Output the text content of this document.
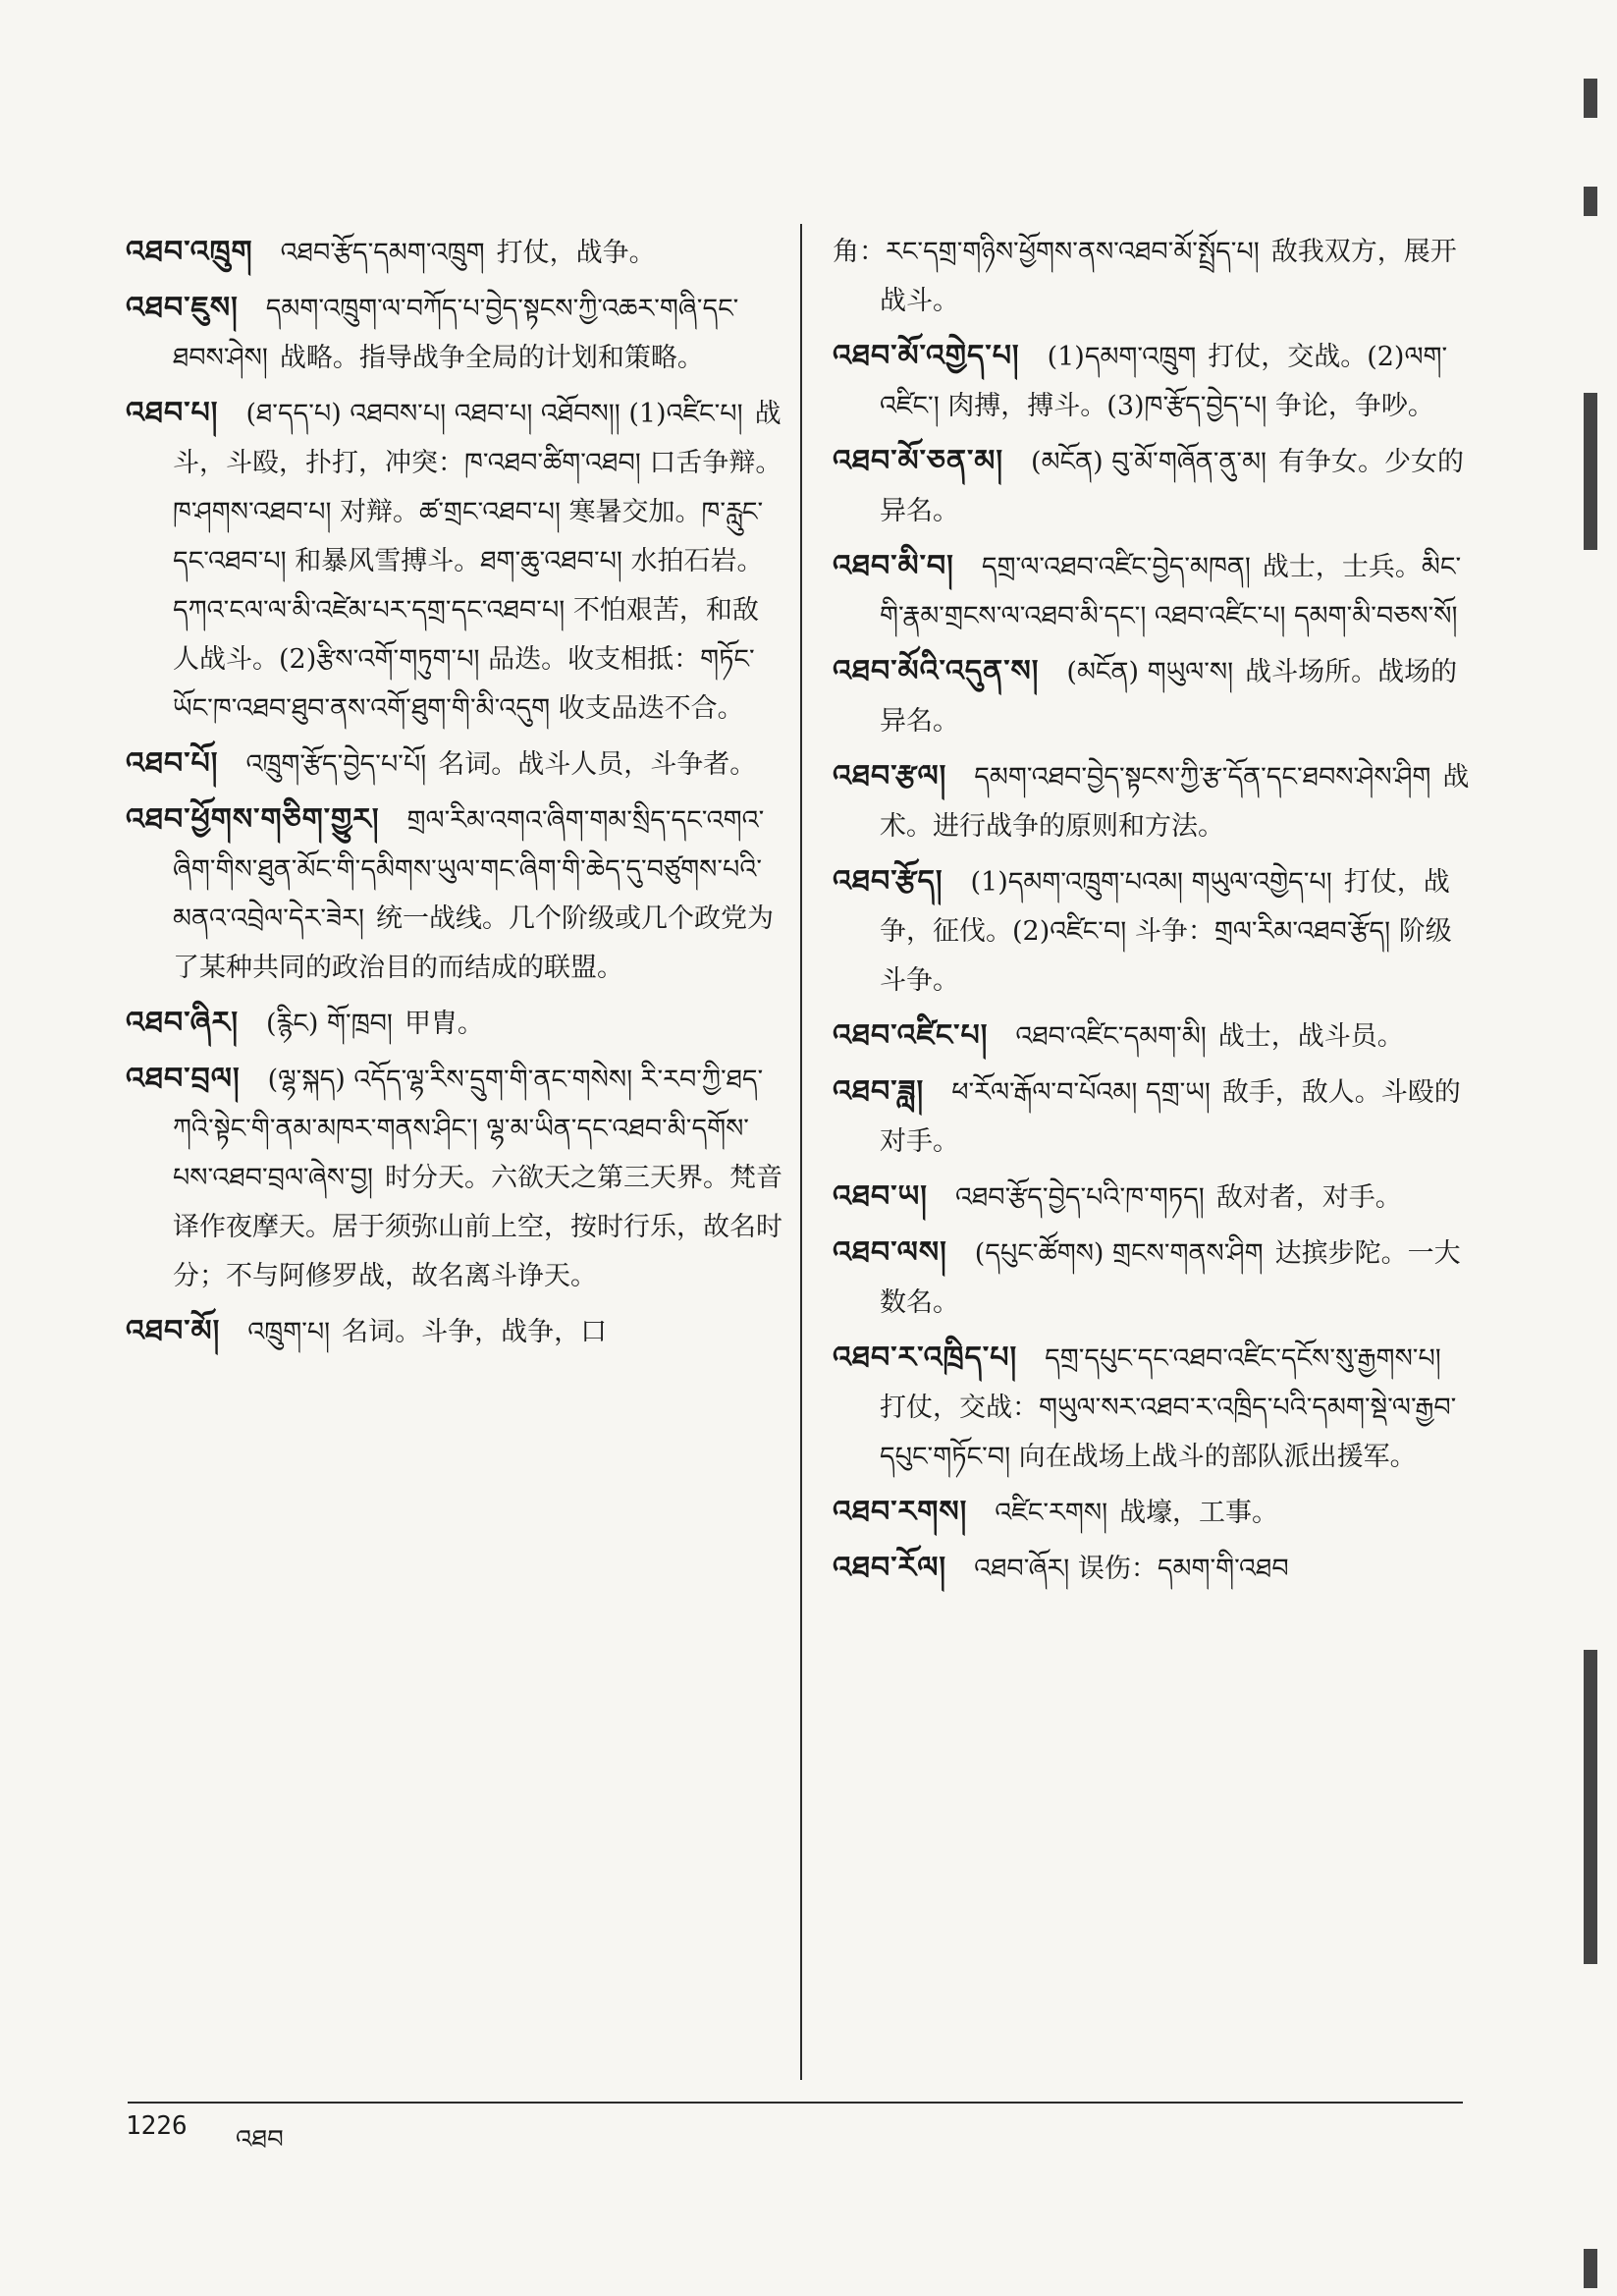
འཐབ་འཁྲུག འཐབ་རྩོད་དམག་འཁྲུག 打仗，战争。
འཐབ་ཇུས། དམག་འཁྲུག་ལ་བཀོད་པ་བྱེད་སྟངས་ཀྱི་འཆར་གཞི་དང་ཐབས་ཤེས། 战略。指导战争全局的计划和策略。
འཐབ་པ། (ཐ་དད་པ) འཐབས་པ། འཐབ་པ། འཐོབས།། (1)འཛིང་པ། 战斗，斗殴，扑打，冲突：ཁ་འཐབ་ཚིག་འཐབ། 口舌争辩。ཁ་ཤགས་འཐབ་པ། 对辩。ཚ་གྲང་འཐབ་པ། 寒暑交加。ཁ་རླུང་དང་འཐབ་པ། 和暴风雪搏斗。ཐག་ཆུ་འཐབ་པ། 水拍石岩。དཀའ་ངལ་ལ་མི་འཛེམ་པར་དགྲ་དང་འཐབ་པ། 不怕艰苦，和敌人战斗。(2)རྩིས་འགོ་གཏུག་པ། 品迭。收支相抵：གཏོང་ཡོང་ཁ་འཐབ་ཐུབ་ནས་འགོ་ཐུག་གི་མི་འདུག 收支品迭不合。
འཐབ་པོ། འཁྲུག་རྩོད་བྱེད་པ་པོ། 名词。战斗人员，斗争者。
འཐབ་ཕྱོགས་གཅིག་གྱུར། གྲལ་རིམ་འགའ་ཞིག་གམ་སྲིད་དང་འགའ་ཞིག་གིས་ཐུན་མོང་གི་དམིགས་ཡུལ་གང་ཞིག་གི་ཆེད་དུ་བཙུགས་པའི་མནའ་འབྲེལ་དེར་ཟེར། 统一战线。几个阶级或几个政党为了某种共同的政治目的而结成的联盟。
འཐབ་ཞིར། (རྙིང) གོ་ཁྲབ། 甲胄。
འཐབ་བྲལ། (ལྷ་སྐད) འདོད་ལྷ་རིས་དྲུག་གི་ནང་གསེས། རི་རབ་ཀྱི་ཐད་ཀའི་སྟེང་གི་ནམ་མཁར་གནས་ཤིང་། ལྷ་མ་ཡིན་དང་འཐབ་མི་དགོས་པས་འཐབ་བྲལ་ཞེས་བྱ། 时分天。六欲天之第三天界。梵音译作夜摩天。居于须弥山前上空，按时行乐，故名时分；不与阿修罗战，故名离斗诤天。
འཐབ་མོ། འཁྲུག་པ། 名词。斗争，战争，口
角：རང་དགྲ་གཉིས་ཕྱོགས་ནས་འཐབ་མོ་སྤྲོད་པ། 敌我双方，展开战斗。
འཐབ་མོ་འགྱེད་པ། (1)དམག་འཁྲུག 打仗，交战。(2)ལག་འཛིང་། 肉搏，搏斗。(3)ཁ་རྩོད་བྱེད་པ། 争论，争吵。
འཐབ་མོ་ཅན་མ། (མངོན) བུ་མོ་གཞོན་ནུ་མ། 有争女。少女的异名。
འཐབ་མི་བ། དགྲ་ལ་འཐབ་འཛིང་བྱེད་མཁན། 战士，士兵。མིང་གི་རྣམ་གྲངས་ལ་འཐབ་མི་དང་། འཐབ་འཛིང་པ། དམག་མི་བཅས་སོ།
འཐབ་མོའི་འདུན་ས། (མངོན) གཡུལ་ས། 战斗场所。战场的异名。
འཐབ་རྩལ། དམག་འཐབ་བྱེད་སྟངས་ཀྱི་རྩ་དོན་དང་ཐབས་ཤེས་ཤིག 战术。进行战争的原则和方法。
འཐབ་རྩོད། (1)དམག་འཁྲུག་པའམ། གཡུལ་འགྱེད་པ། 打仗，战争，征伐。(2)འཛིང་བ། 斗争：གྲལ་རིམ་འཐབ་རྩོད། 阶级斗争。
འཐབ་འཛིང་པ། འཐབ་འཛིང་དམག་མི། 战士，战斗员。
འཐབ་ཟླ། ཕ་རོལ་རྒོལ་བ་པོའམ། དགྲ་ཡ། 敌手，敌人。斗殴的对手。
འཐབ་ཡ། འཐབ་རྩོད་བྱེད་པའི་ཁ་གཏད། 敌对者，对手。
འཐབ་ལས། (དཔུང་ཚོགས) གྲངས་གནས་ཤིག 达摈步陀。一大数名。
འཐབ་ར་འཁྲིད་པ། དགྲ་དཔུང་དང་འཐབ་འཛིང་དངོས་སུ་རྒྱགས་པ།打仗，交战：གཡུལ་སར་འཐབ་ར་འཁྲིད་པའི་དམག་སྡེ་ལ་རྒྱབ་དཔུང་གཏོང་བ། 向在战场上战斗的部队派出援军。
འཐབ་རགས། འཛིང་རགས། 战壕，工事。
འཐབ་རོལ། འཐབ་ཞོར། 误伤：དམག་གི་འཐབ
1226 འཐབ
